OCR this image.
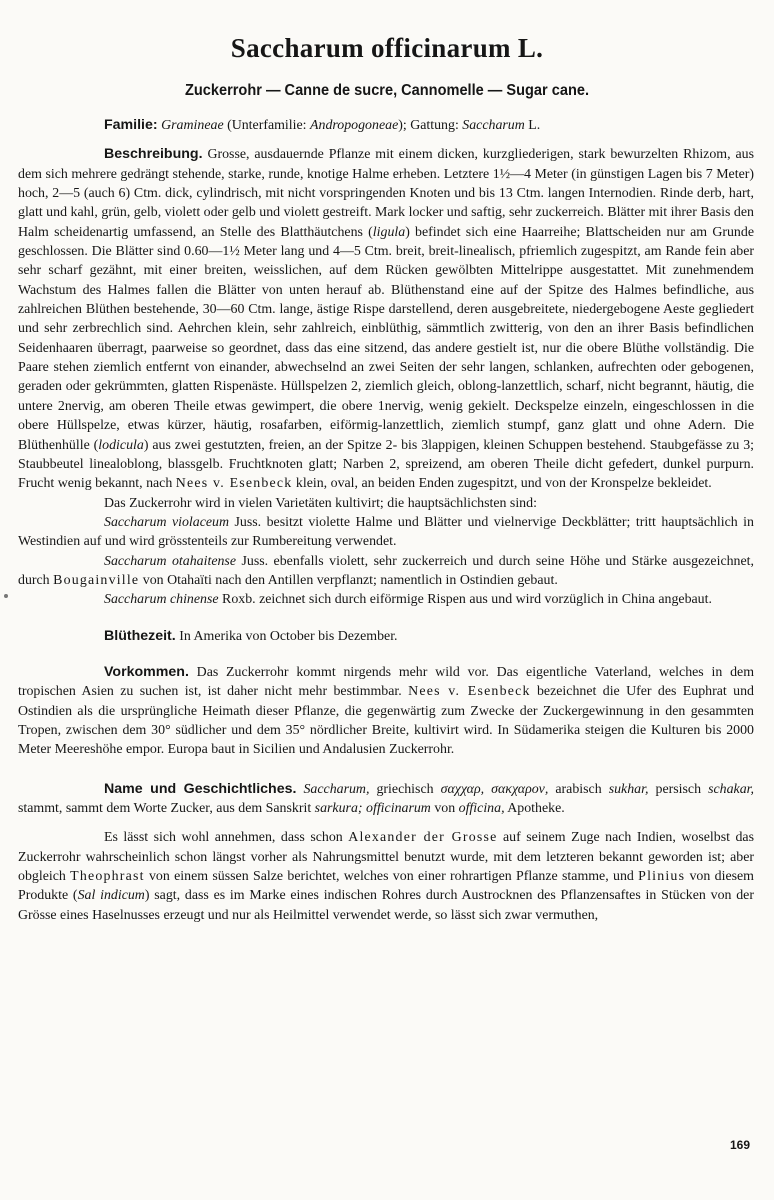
Saccharum officinarum L.
Zuckerrohr — Canne de sucre, Cannomelle — Sugar cane.

Familie: Gramineae (Unterfamilie: Andropogoneae); Gattung: Saccharum L.

Beschreibung. Grosse, ausdauernde Pflanze mit einem dicken, kurzgliederigen, stark bewurzelten Rhizom, aus dem sich mehrere gedrängt stehende, starke, runde, knotige Halme erheben. Letztere 1½—4 Meter (in günstigen Lagen bis 7 Meter) hoch, 2—5 (auch 6) Ctm. dick, cylindrisch, mit nicht vorspringenden Knoten und bis 13 Ctm. langen Internodien. Rinde derb, hart, glatt und kahl, grün, gelb, violett oder gelb und violett gestreift. Mark locker und saftig, sehr zuckerreich. Blätter mit ihrer Basis den Halm scheidenartig umfassend, an Stelle des Blatthäutchens (ligula) befindet sich eine Haarreihe; Blattscheiden nur am Grunde geschlossen. Die Blätter sind 0.60—1½ Meter lang und 4—5 Ctm. breit, breit-linealisch, pfriemlich zugespitzt, am Rande fein aber sehr scharf gezähnt, mit einer breiten, weisslichen, auf dem Rücken gewölbten Mittelrippe ausgestattet. Mit zunehmendem Wachstum des Halmes fallen die Blätter von unten herauf ab. Blüthenstand eine auf der Spitze des Halmes befindliche, aus zahlreichen Blüthen bestehende, 30—60 Ctm. lange, ästige Rispe darstellend, deren ausgebreitete, niedergebogene Aeste gegliedert und sehr zerbrechlich sind. Aehrchen klein, sehr zahlreich, einblüthig, sämmtlich zwitterig, von den an ihrer Basis befindlichen Seidenhaaren überragt, paarweise so geordnet, dass das eine sitzend, das andere gestielt ist, nur die obere Blüthe vollständig. Die Paare stehen ziemlich entfernt von einander, abwechselnd an zwei Seiten der sehr langen, schlanken, aufrechten oder gebogenen, geraden oder gekrümmten, glatten Rispenäste. Hüllspelzen 2, ziemlich gleich, oblong-lanzettlich, scharf, nicht begrannt, häutig, die untere 2nervig, am oberen Theile etwas gewimpert, die obere 1nervig, wenig gekielt. Deckspelze einzeln, eingeschlossen in die obere Hüllspelze, etwas kürzer, häutig, rosafarben, eiförmig-lanzettlich, ziemlich stumpf, ganz glatt und ohne Adern. Die Blüthenhülle (lodicula) aus zwei gestutzten, freien, an der Spitze 2- bis 3lappigen, kleinen Schuppen bestehend. Staubgefässe zu 3; Staubbeutel linealoblong, blassgelb. Fruchtknoten glatt; Narben 2, spreizend, am oberen Theile dicht gefedert, dunkel purpurn. Frucht wenig bekannt, nach Nees v. Esenbeck klein, oval, an beiden Enden zugespitzt, und von der Kronspelze bekleidet.

Das Zuckerrohr wird in vielen Varietäten kultivirt; die hauptsächlichsten sind:

Saccharum violaceum Juss. besitzt violette Halme und Blätter und vielnervige Deckblätter; tritt hauptsächlich in Westindien auf und wird grösstenteils zur Rumbereitung verwendet.

Saccharum otahaitense Juss. ebenfalls violett, sehr zuckerreich und durch seine Höhe und Stärke ausgezeichnet, durch Bougainville von Otahaïti nach den Antillen verpflanzt; namentlich in Ostindien gebaut.

Saccharum chinense Roxb. zeichnet sich durch eiförmige Rispen aus und wird vorzüglich in China angebaut.

Blüthezeit. In Amerika von October bis Dezember.

Vorkommen. Das Zuckerrohr kommt nirgends mehr wild vor. Das eigentliche Vaterland, welches in dem tropischen Asien zu suchen ist, ist daher nicht mehr bestimmbar. Nees v. Esenbeck bezeichnet die Ufer des Euphrat und Ostindien als die ursprüngliche Heimath dieser Pflanze, die gegenwärtig zum Zwecke der Zuckergewinnung in den gesammten Tropen, zwischen dem 30° südlicher und dem 35° nördlicher Breite, kultivirt wird. In Südamerika steigen die Kulturen bis 2000 Meter Meereshöhe empor. Europa baut in Sicilien und Andalusien Zuckerrohr.

Name und Geschichtliches. Saccharum, griechisch σαχχαρ, σακχαρον, arabisch sukhar, persisch schakar, stammt, sammt dem Worte Zucker, aus dem Sanskrit sarkura; officinarum von officina, Apotheke.

Es lässt sich wohl annehmen, dass schon Alexander der Grosse auf seinem Zuge nach Indien, woselbst das Zuckerrohr wahrscheinlich schon längst vorher als Nahrungsmittel benutzt wurde, mit dem letzteren bekannt geworden ist; aber obgleich Theophrast von einem süssen Salze berichtet, welches von einer rohrartigen Pflanze stamme, und Plinius von diesem Produkte (Sal indicum) sagt, dass es im Marke eines indischen Rohres durch Austrocknen des Pflanzensaftes in Stücken von der Grösse eines Haselnusses erzeugt und nur als Heilmittel verwendet werde, so lässt sich zwar vermuthen,

169
